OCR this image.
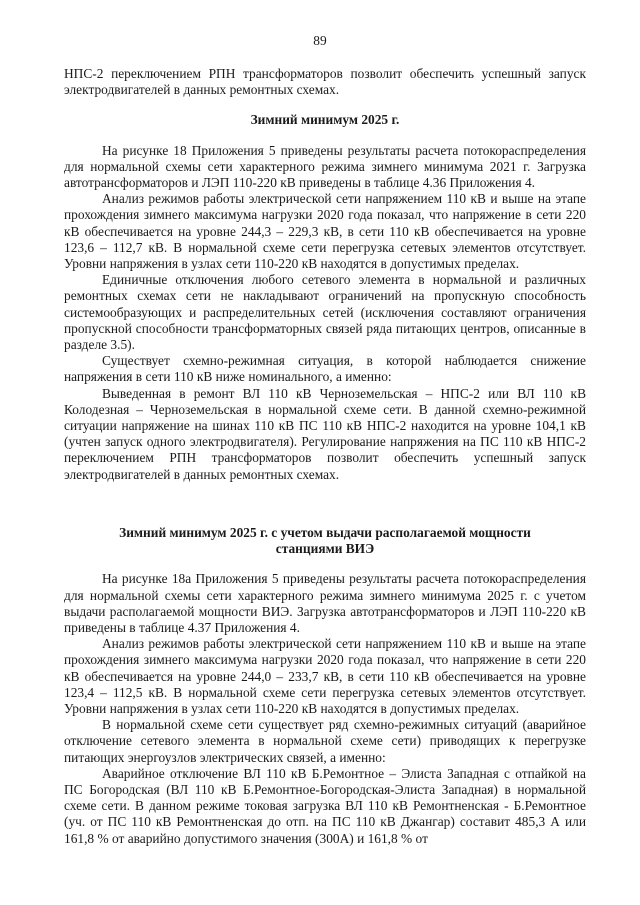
89

НПС-2 переключением РПН трансформаторов позволит обеспечить успешный запуск электродвигателей в данных ремонтных схемах.

Зимний минимум 2025 г.

На рисунке 18 Приложения 5 приведены результаты расчета потокораспределения для нормальной схемы сети характерного режима зимнего минимума 2021 г. Загрузка автотрансформаторов и ЛЭП 110-220 кВ приведены в таблице 4.36 Приложения 4.

Анализ режимов работы электрической сети напряжением 110 кВ и выше на этапе прохождения зимнего максимума нагрузки 2020 года показал, что напряжение в сети 220 кВ обеспечивается на уровне 244,3 – 229,3 кВ, в сети 110 кВ обеспечивается на уровне 123,6 – 112,7 кВ. В нормальной схеме сети перегрузка сетевых элементов отсутствует. Уровни напряжения в узлах сети 110-220 кВ находятся в допустимых пределах.

Единичные отключения любого сетевого элемента в нормальной и различных ремонтных схемах сети не накладывают ограничений на пропускную способность системообразующих и распределительных сетей (исключения составляют ограничения пропускной способности трансформаторных связей ряда питающих центров, описанные в разделе 3.5).

Существует схемно-режимная ситуация, в которой наблюдается снижение напряжения в сети 110 кВ ниже номинального, а именно:

Выведенная в ремонт ВЛ 110 кВ Черноземельская – НПС-2 или ВЛ 110 кВ Колодезная – Черноземельская в нормальной схеме сети. В данной схемно-режимной ситуации напряжение на шинах 110 кВ ПС 110 кВ НПС-2 находится на уровне 104,1 кВ (учтен запуск одного электродвигателя). Регулирование напряжения на ПС 110 кВ НПС-2 переключением РПН трансформаторов позволит обеспечить успешный запуск электродвигателей в данных ремонтных схемах.

Зимний минимум 2025 г. с учетом выдачи располагаемой мощности станциями ВИЭ

На рисунке 18а Приложения 5 приведены результаты расчета потокораспределения для нормальной схемы сети характерного режима зимнего минимума 2025 г. с учетом выдачи располагаемой мощности ВИЭ. Загрузка автотрансформаторов и ЛЭП 110-220 кВ приведены в таблице 4.37 Приложения 4.

Анализ режимов работы электрической сети напряжением 110 кВ и выше на этапе прохождения зимнего максимума нагрузки 2020 года показал, что напряжение в сети 220 кВ обеспечивается на уровне 244,0 – 233,7 кВ, в сети 110 кВ обеспечивается на уровне 123,4 – 112,5 кВ. В нормальной схеме сети перегрузка сетевых элементов отсутствует. Уровни напряжения в узлах сети 110-220 кВ находятся в допустимых пределах.

В нормальной схеме сети существует ряд схемно-режимных ситуаций (аварийное отключение сетевого элемента в нормальной схеме сети) приводящих к перегрузке питающих энергоузлов электрических связей, а именно:

Аварийное отключение ВЛ 110 кВ Б.Ремонтное – Элиста Западная с отпайкой на ПС Богородская (ВЛ 110 кВ Б.Ремонтное-Богородская-Элиста Западная) в нормальной схеме сети. В данном режиме токовая загрузка ВЛ 110 кВ Ремонтненская - Б.Ремонтное (уч. от ПС 110 кВ Ремонтненская до отп. на ПС 110 кВ Джангар) составит 485,3 А или 161,8 % от аварийно допустимого значения (300А) и 161,8 % от
